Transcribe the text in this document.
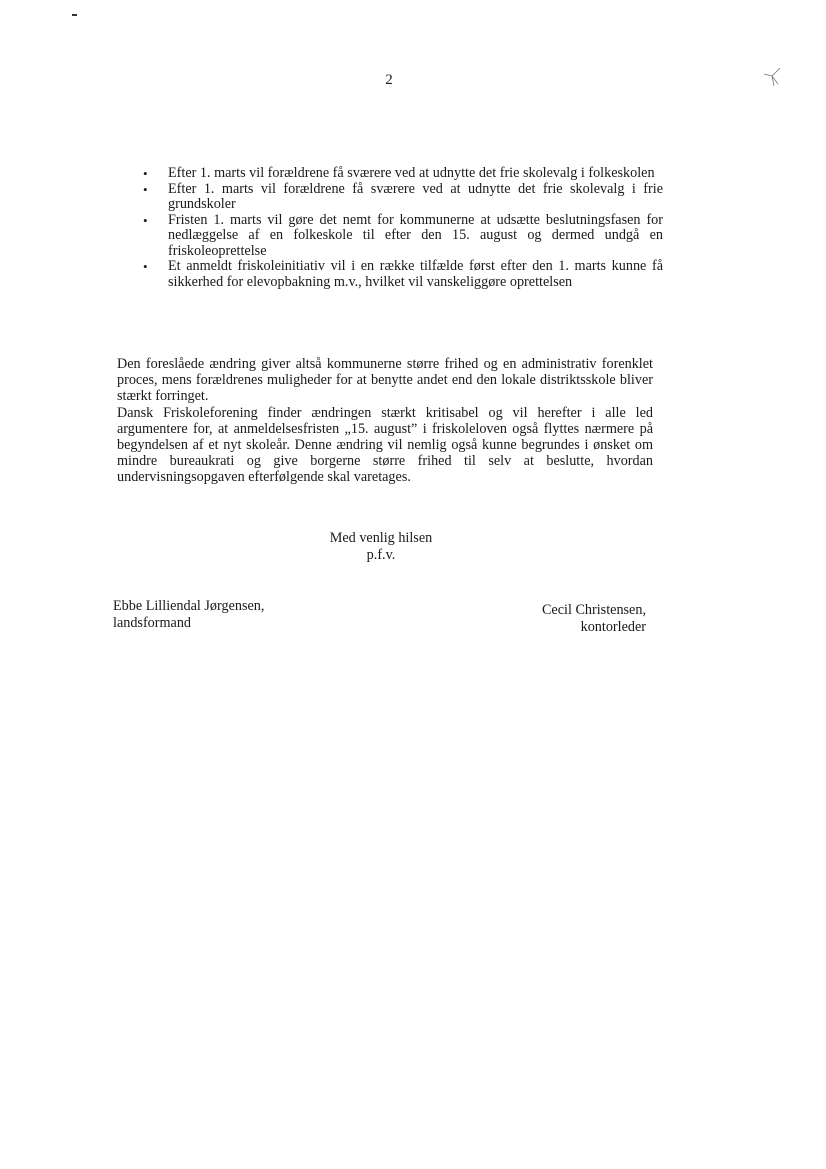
2
• Efter 1. marts vil forældrene få sværere ved at udnytte det frie skolevalg i folkeskolen
• Efter 1. marts vil forældrene få sværere ved at udnytte det frie skolevalg i frie grundskoler
• Fristen 1. marts vil gøre det nemt for kommunerne at udsætte beslutningsfasen for nedlæggelse af en folkeskole til efter den 15. august og dermed undgå en friskoleoprettelse
• Et anmeldt friskoleinitiativ vil i en række tilfælde først efter den 1. marts kunne få sikkerhed for elevopbakning m.v., hvilket vil vanskeliggøre oprettelsen

Den foreslåede ændring giver altså kommunerne større frihed og en administrativ forenklet proces, mens forældrenes muligheder for at benytte andet end den lokale distriktsskole bliver stærkt forringet.

Dansk Friskoleforening finder ændringen stærkt kritisabel og vil herefter i alle led argumentere for, at anmeldelsesfristen „15. august” i friskoleloven også flyttes nærmere på begyndelsen af et nyt skoleår. Denne ændring vil nemlig også kunne begrundes i ønsket om mindre bureaukrati og give borgerne større frihed til selv at beslutte, hvordan undervisningsopgaven efterfølgende skal varetages.

Med venlig hilsen
p.f.v.
Ebbe Lilliendal Jørgensen,
landsformand
Cecil Christensen,
kontorleder
